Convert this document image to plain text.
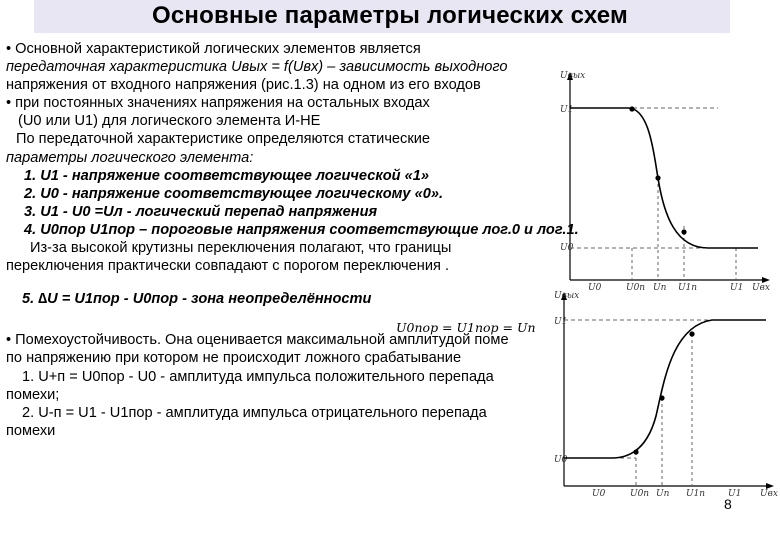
Основные параметры логических схем
• Основной характеристикой логических элементов является
передаточная характеристика Uвых = f(Uвх) – зависимость выходного
напряжения от входного напряжения (рис.1.3) на одном из его входов
• при постоянных значениях напряжения на остальных входах
(U0 или U1) для логического элемента И-НЕ
По передаточной характеристике определяются статические
параметры логического элемента:
1. U1 - напряжение соответствующее логической «1»
2. U0 - напряжение соответствующее логическому «0».
3. U1 - U0 =Uл - логический перепад напряжения
4. U0пор U1пор – пороговые напряжения соответствующие лог.0 и лог.1.
Из-за высокой крутизны переключения полагают, что границы
переключения практически совпадают с порогом переключения .
5. ∆U = U1пор - U0пор - зона неопределённости
• Помехоустойчивость. Она оценивается максимальной амплитудой поме
по напряжению при котором не происходит ложного срабатывание
1. U+п = U0пор - U0 - амплитуда импульса положительного перепада
помехи;
2. U-п = U1 - U1пор - амплитуда импульса отрицательного перепада
помехи
U0пор = U1пор = Uп
Uвых
Uвх
U1
U0
U0	U0п Uп U1п	U1
Uвых
Uвх
U1
U0
U0	U0п Uп U1п	U1
8
